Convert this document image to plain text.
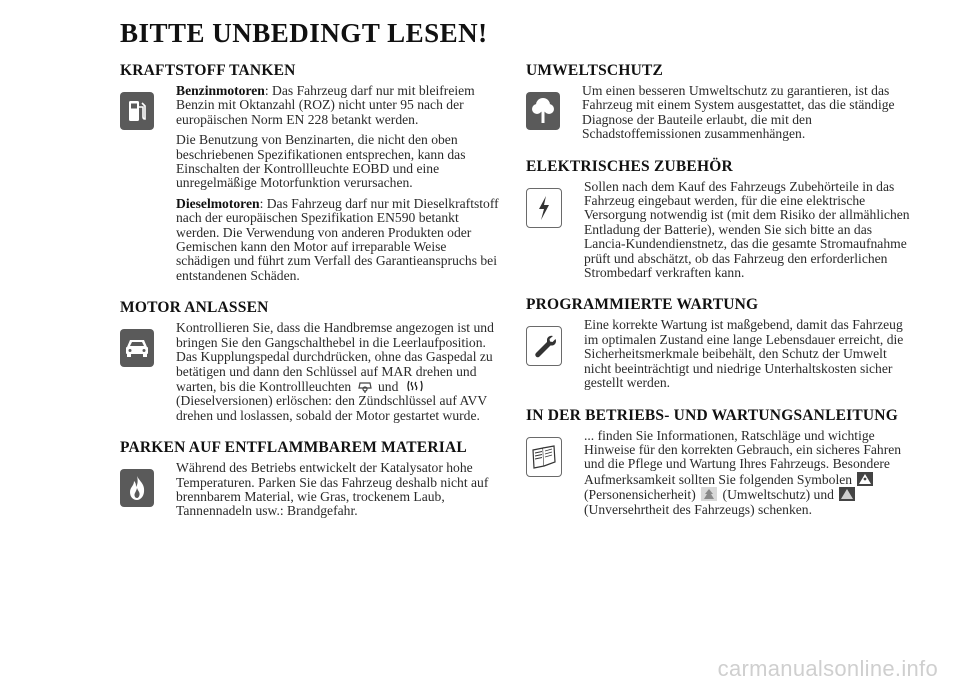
BITTE UNBEDINGT LESEN!
KRAFTSTOFF TANKEN

Benzinmotoren: Das Fahrzeug darf nur mit bleifreiem Benzin mit Oktanzahl (ROZ) nicht unter 95 nach der europäischen Norm EN 228 betankt werden.

Die Benutzung von Benzinarten, die nicht den oben beschriebenen Spezifikationen entsprechen, kann das Einschalten der Kontrollleuchte EOBD und eine unregelmäßige Motorfunktion verursachen.

Dieselmotoren: Das Fahrzeug darf nur mit Dieselkraftstoff nach der europäischen Spezifikation EN590 betankt werden. Die Verwendung von anderen Produkten oder Gemischen kann den Motor auf irreparable Weise schädigen und führt zum Verfall des Garantieanspruchs bei entstandenen Schäden.

MOTOR ANLASSEN

Kontrollieren Sie, dass die Handbremse angezogen ist und bringen Sie den Gangschalthebel in die Leerlaufposition. Das Kupplungspedal durchdrücken, ohne das Gaspedal zu betätigen und dann den Schlüssel auf MAR drehen und warten, bis die Kontrollleuchten und  (Dieselversionen) erlöschen: den Zündschlüssel auf AVV drehen und loslassen, sobald der Motor gestartet wurde.

PARKEN AUF ENTFLAMMBAREM MATERIAL

Während des Betriebs entwickelt der Katalysator hohe Temperaturen. Parken Sie das Fahrzeug deshalb nicht auf brennbarem Material, wie Gras, trockenem Laub, Tannennadeln usw.: Brandgefahr.

UMWELTSCHUTZ

Um einen besseren Umweltschutz zu garantieren, ist das Fahrzeug mit einem System ausgestattet, das die ständige Diagnose der Bauteile erlaubt, die mit den Schadstoffemissionen zusammenhängen.

ELEKTRISCHES ZUBEHÖR

Sollen nach dem Kauf des Fahrzeugs Zubehörteile in das Fahrzeug eingebaut werden, für die eine elektrische Versorgung notwendig ist (mit dem Risiko der allmählichen Entladung der Batterie), wenden Sie sich bitte an das Lancia-Kundendienstnetz, das die gesamte Stromaufnahme prüft und abschätzt, ob das Fahrzeug den erforderlichen Strombedarf verkraften kann.

PROGRAMMIERTE WARTUNG

Eine korrekte Wartung ist maßgebend, damit das Fahrzeug im optimalen Zustand eine lange Lebensdauer erreicht, die Sicherheitsmerkmale beibehält, den Schutz der Umwelt nicht beeinträchtigt und niedrige Unterhaltskosten sicher gestellt werden.

IN DER BETRIEBS- UND WARTUNGSANLEITUNG

... finden Sie Informationen, Ratschläge und wichtige Hinweise für den korrekten Gebrauch, ein sicheres Fahren und die Pflege und Wartung Ihres Fahrzeugs. Besondere Aufmerksamkeit sollten Sie folgenden Symbolen  (Personensicherheit) (Umweltschutz) und  (Unversehrtheit des Fahrzeugs) schenken.

carmanualsonline.info
